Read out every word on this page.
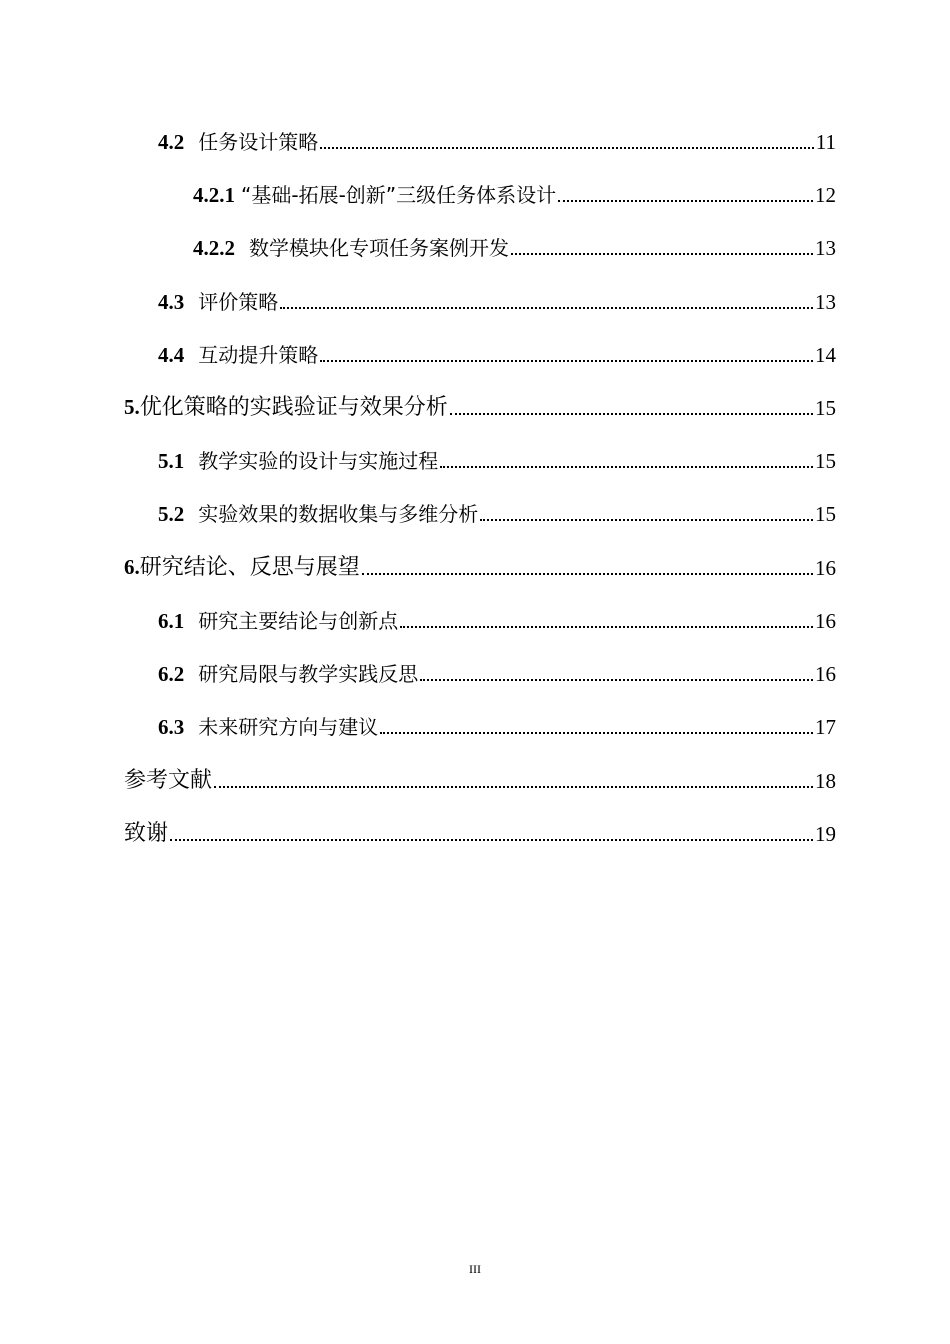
4.2 任务设计策略	11
4.2.1 “基础-拓展-创新”三级任务体系设计	12
4.2.2 数学模块化专项任务案例开发	13
4.3 评价策略	13
4.4 互动提升策略	14
5. 优化策略的实践验证与效果分析	15
5.1 教学实验的设计与实施过程	15
5.2 实验效果的数据收集与多维分析	15
6. 研究结论、反思与展望	16
6.1 研究主要结论与创新点	16
6.2 研究局限与教学实践反思	16
6.3 未来研究方向与建议	17
参考文献	18
致谢	19
III
